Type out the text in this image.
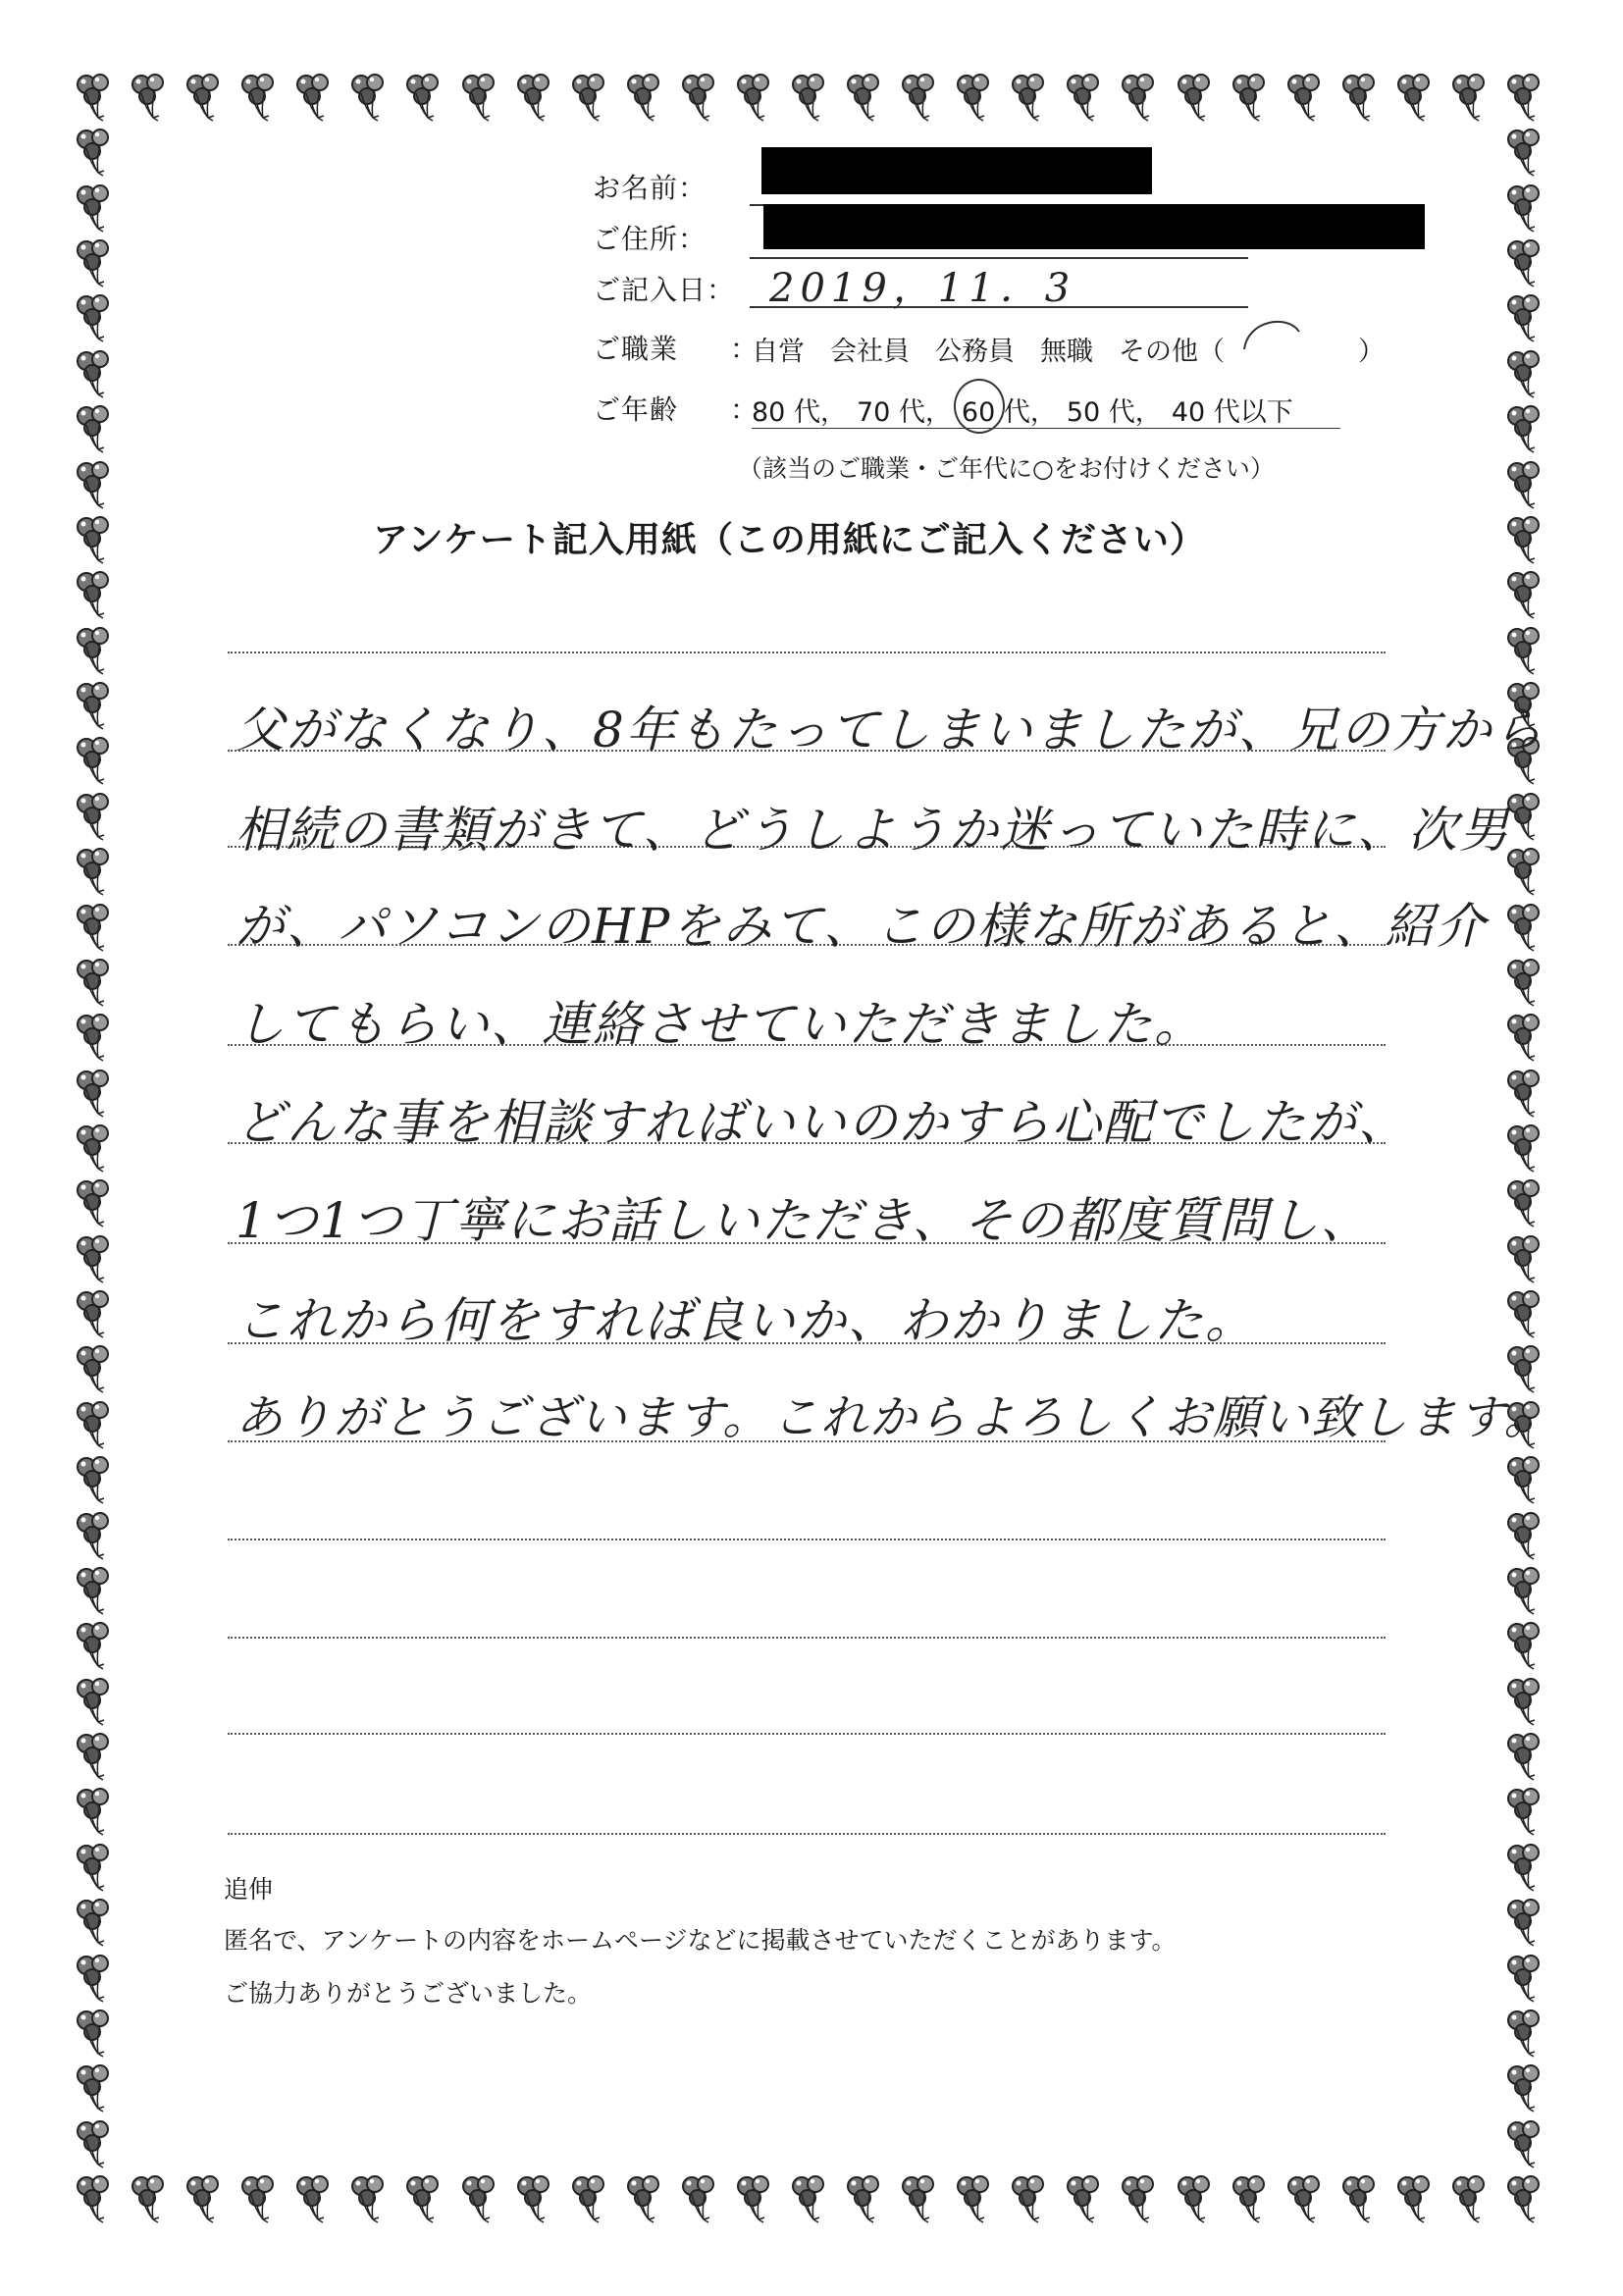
お名前：
ご住所：
ご記入日： 2019，11．3
ご職業	：
自営 会社員 公務員 無職 その他（	）
ご年齢	：
80 代， 70 代， 60 代， 50 代， 40 代以下
（該当のご職業・ご年代に○をお付けください）
アンケート記入用紙（この用紙にご記入ください）
父がなくなり、8年もたってしまいましたが、兄の方から
相続の書類がきて、どうしようか迷っていた時に、次男
が、パソコンのHPをみて、この様な所があると、紹介
してもらい、連絡させていただきました。
どんな事を相談すればいいのかすら心配でしたが、
1つ1つ丁寧にお話しいただき、その都度質問し、
これから何をすれば良いか、わかりました。
ありがとうございます。これからよろしくお願い致します。
追伸
匿名で、アンケートの内容をホームページなどに掲載させていただくことがあります。
ご協力ありがとうございました。
